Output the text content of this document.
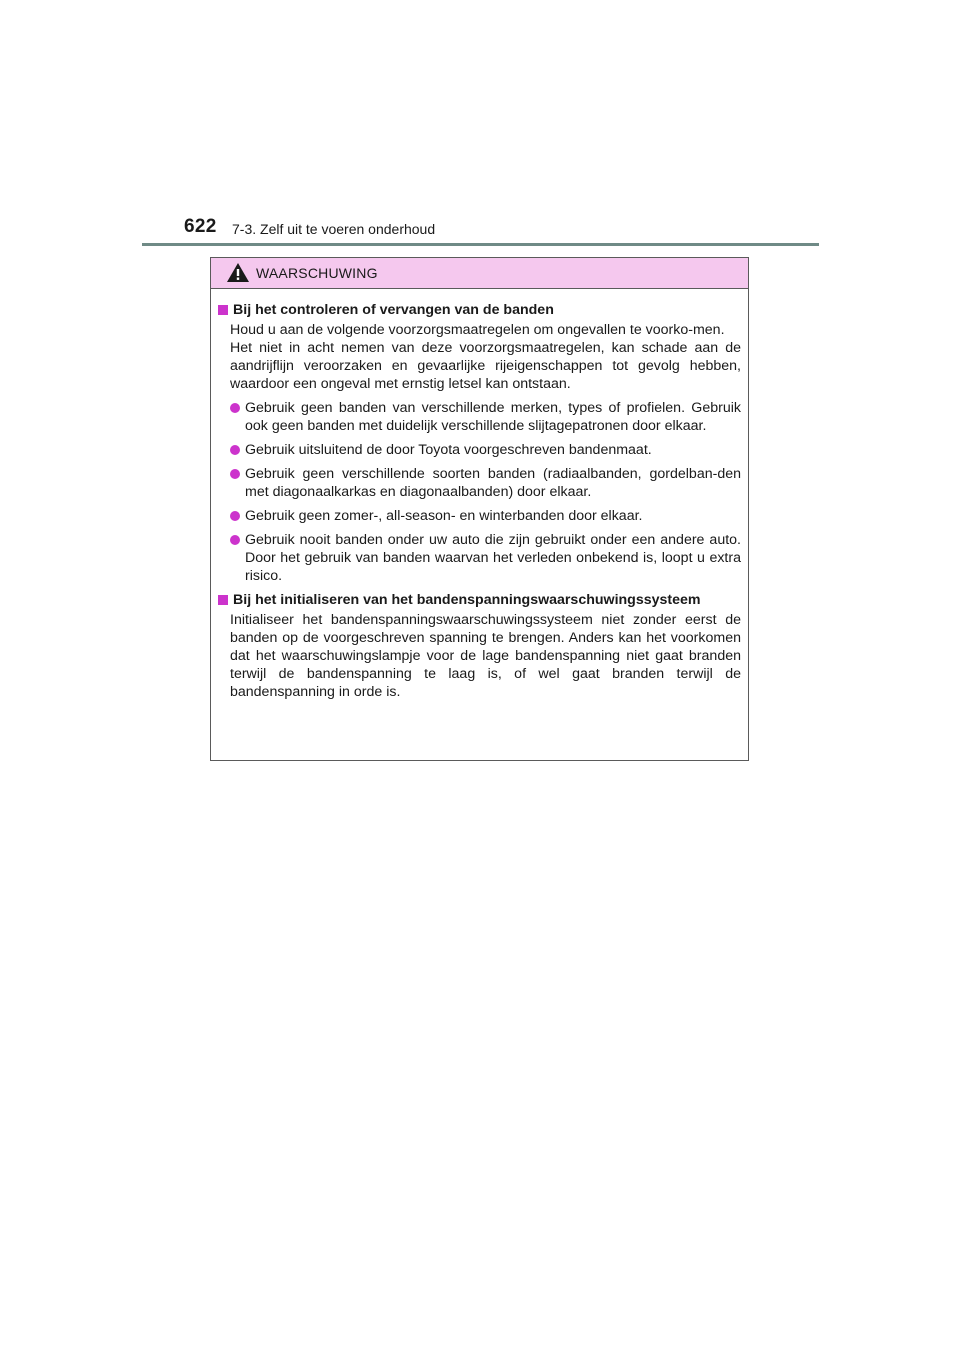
622 7-3. Zelf uit te voeren onderhoud
WAARSCHUWING
Bij het controleren of vervangen van de banden
Houd u aan de volgende voorzorgsmaatregelen om ongevallen te voorko-men.
Het niet in acht nemen van deze voorzorgsmaatregelen, kan schade aan de aandrijflijn veroorzaken en gevaarlijke rijeigenschappen tot gevolg hebben, waardoor een ongeval met ernstig letsel kan ontstaan.
Gebruik geen banden van verschillende merken, types of profielen. Gebruik ook geen banden met duidelijk verschillende slijtagepatronen door elkaar.
Gebruik uitsluitend de door Toyota voorgeschreven bandenmaat.
Gebruik geen verschillende soorten banden (radiaalbanden, gordelban-den met diagonaalkarkas en diagonaalbanden) door elkaar.
Gebruik geen zomer-, all-season- en winterbanden door elkaar.
Gebruik nooit banden onder uw auto die zijn gebruikt onder een andere auto. Door het gebruik van banden waarvan het verleden onbekend is, loopt u extra risico.
Bij het initialiseren van het bandenspanningswaarschuwingssysteem
Initialiseer het bandenspanningswaarschuwingssysteem niet zonder eerst de banden op de voorgeschreven spanning te brengen. Anders kan het voorkomen dat het waarschuwingslampje voor de lage bandenspanning niet gaat branden terwijl de bandenspanning te laag is, of wel gaat branden terwijl de bandenspanning in orde is.
